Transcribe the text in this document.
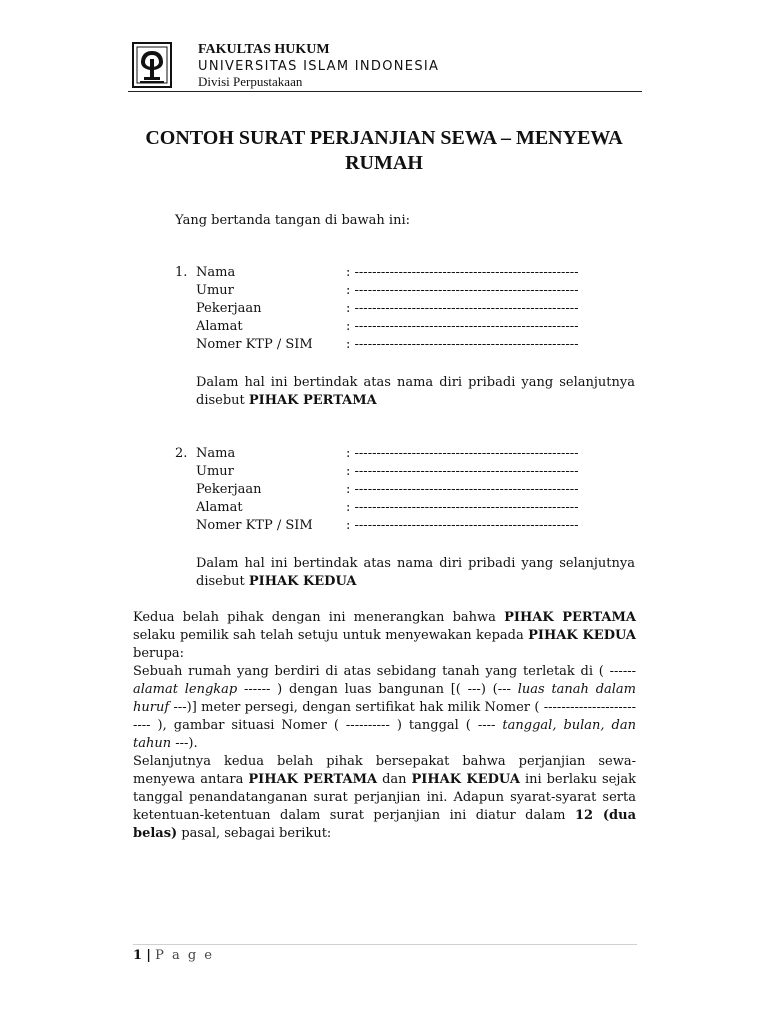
FAKULTAS HUKUM
UNIVERSITAS ISLAM INDONESIA
Divisi Perpustakaan
CONTOH SURAT PERJANJIAN SEWA – MENYEWA RUMAH
Yang bertanda tangan di bawah ini:
1. Nama	: ---------------------------------------------------
Umur	: ---------------------------------------------------
Pekerjaan	: ---------------------------------------------------
Alamat	: ---------------------------------------------------
Nomer KTP / SIM	: ---------------------------------------------------
Dalam hal ini bertindak atas nama diri pribadi yang selanjutnya disebut PIHAK PERTAMA
2. Nama	: ---------------------------------------------------
Umur	: ---------------------------------------------------
Pekerjaan	: ---------------------------------------------------
Alamat	: ---------------------------------------------------
Nomer KTP / SIM	: ---------------------------------------------------
Dalam hal ini bertindak atas nama diri pribadi yang selanjutnya disebut PIHAK KEDUA
Kedua belah pihak dengan ini menerangkan bahwa PIHAK PERTAMA selaku pemilik sah telah setuju untuk menyewakan kepada PIHAK KEDUA berupa:
Sebuah rumah yang berdiri di atas sebidang tanah yang terletak di ( ------ alamat lengkap ------ ) dengan luas bangunan [( ---) (--- luas tanah dalam huruf ---)] meter persegi, dengan sertifikat hak milik Nomer ( ------------------------- ), gambar situasi Nomer ( ---------- ) tanggal ( ---- tanggal, bulan, dan tahun ---).
Selanjutnya kedua belah pihak bersepakat bahwa perjanjian sewa-menyewa antara PIHAK PERTAMA dan PIHAK KEDUA ini berlaku sejak tanggal penandatanganan surat perjanjian ini. Adapun syarat-syarat serta ketentuan-ketentuan dalam surat perjanjian ini diatur dalam 12 (dua belas) pasal, sebagai berikut:
1 | P a g e
